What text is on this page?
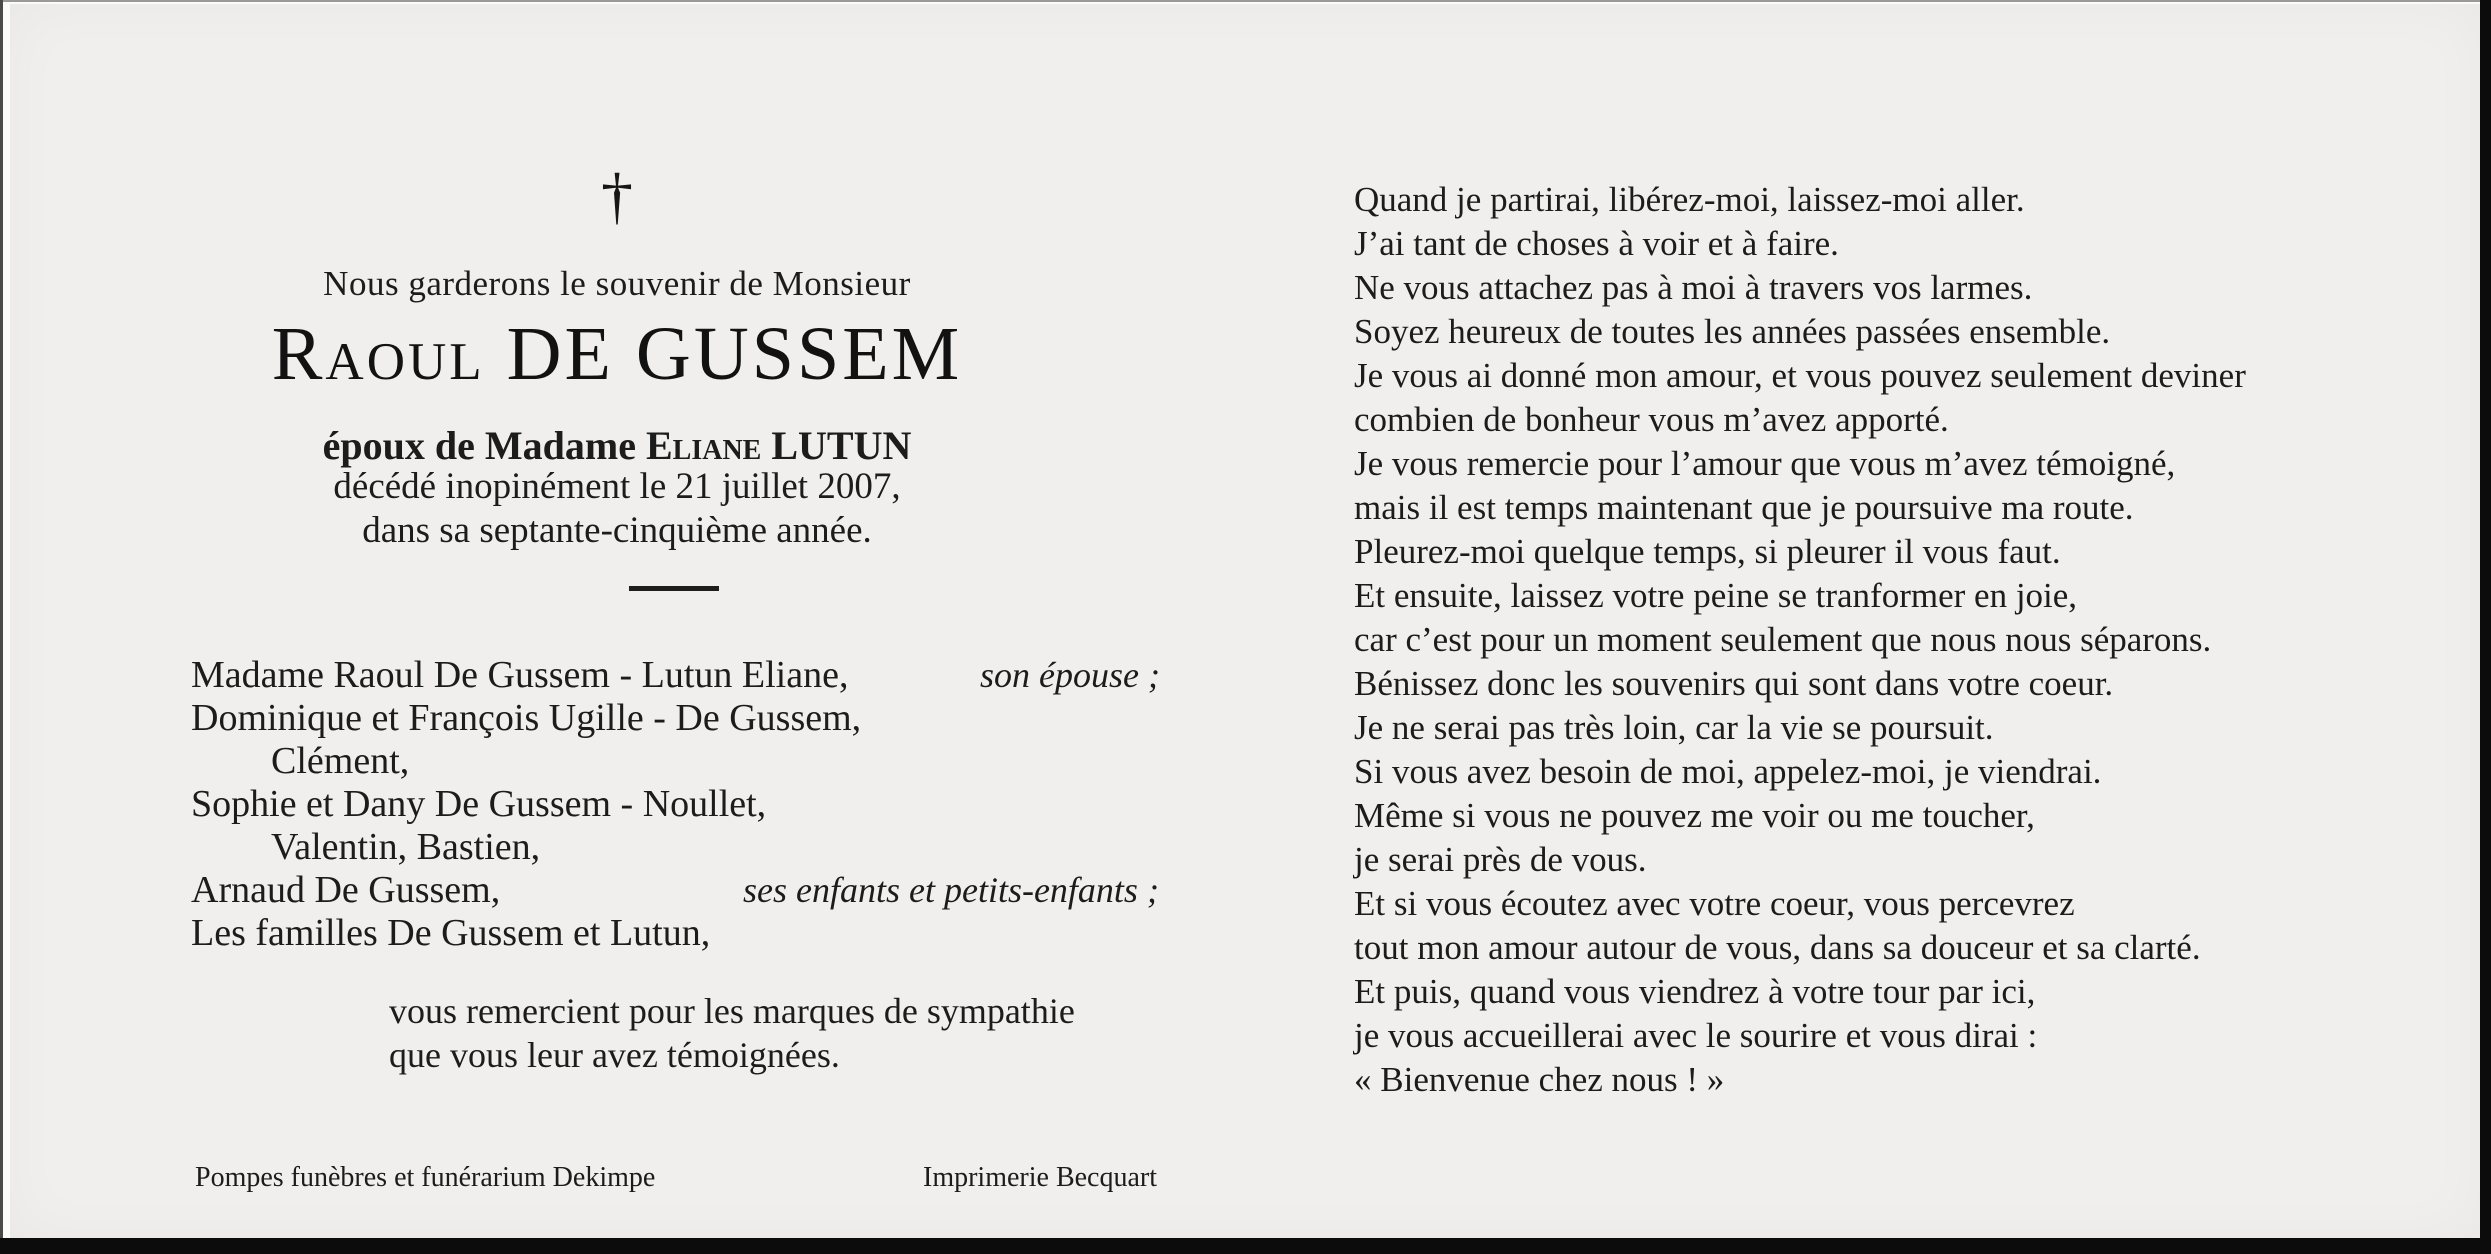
†
Nous garderons le souvenir de Monsieur
Raoul DE GUSSEM
époux de Madame Eliane LUTUN
décédé inopinément le 21 juillet 2007,
dans sa septante-cinquième année.
Madame Raoul De Gussem - Lutun Eliane,	son épouse ;
Dominique et François Ugille - De Gussem,
Clément,
Sophie et Dany De Gussem - Noullet,
Valentin, Bastien,
Arnaud De Gussem,	ses enfants et petits-enfants ;
Les familles De Gussem et Lutun,
vous remercient pour les marques de sympathie
que vous leur avez témoignées.
Pompes funèbres et funérarium Dekimpe	Imprimerie Becquart
Quand je partirai, libérez-moi, laissez-moi aller.
J’ai tant de choses à voir et à faire.
Ne vous attachez pas à moi à travers vos larmes.
Soyez heureux de toutes les années passées ensemble.
Je vous ai donné mon amour, et vous pouvez seulement deviner
combien de bonheur vous m’avez apporté.
Je vous remercie pour l’amour que vous m’avez témoigné,
mais il est temps maintenant que je poursuive ma route.
Pleurez-moi quelque temps, si pleurer il vous faut.
Et ensuite, laissez votre peine se tranformer en joie,
car c’est pour un moment seulement que nous nous séparons.
Bénissez donc les souvenirs qui sont dans votre coeur.
Je ne serai pas très loin, car la vie se poursuit.
Si vous avez besoin de moi, appelez-moi, je viendrai.
Même si vous ne pouvez me voir ou me toucher,
je serai près de vous.
Et si vous écoutez avec votre coeur, vous percevrez
tout mon amour autour de vous, dans sa douceur et sa clarté.
Et puis, quand vous viendrez à votre tour par ici,
je vous accueillerai avec le sourire et vous dirai :
« Bienvenue chez nous ! »
